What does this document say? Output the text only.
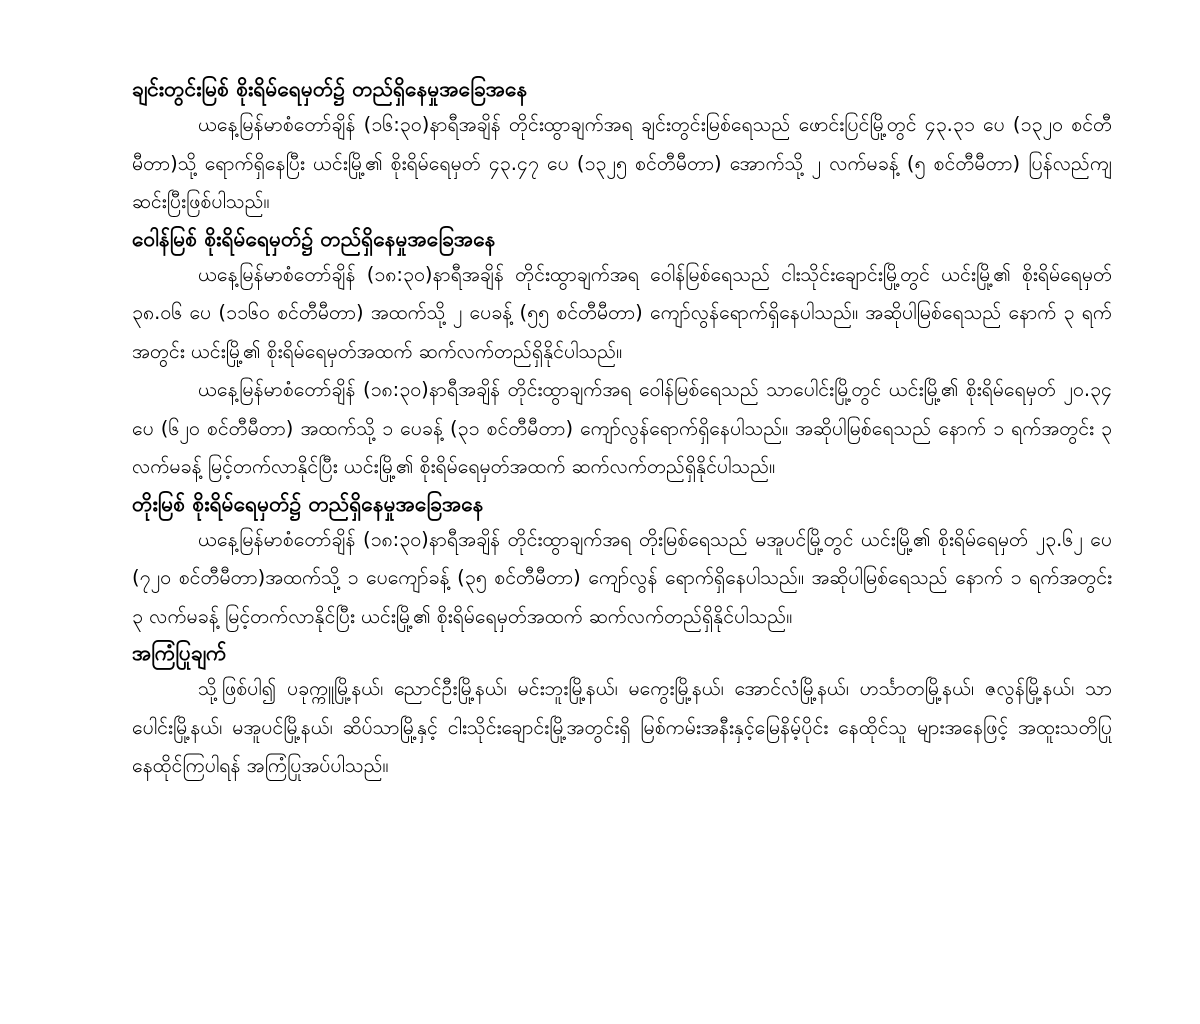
ချင်းတွင်းမြစ် စိုးရိမ်ရေမှတ်၌ တည်ရှိနေမှုအခြေအနေ

ယနေ့မြန်မာစံတော်ချိန် (၁၆:၃၀)နာရီအချိန် တိုင်းထွာချက်အရ ချင်းတွင်းမြစ်ရေသည် ဖောင်းပြင်မြို့တွင် ၄၃.၃၁ ပေ (၁၃၂၀ စင်တီမီတာ)သို့ ရောက်ရှိနေပြီး ယင်းမြို့၏ စိုးရိမ်ရေမှတ် ၄၃.၄၇ ပေ (၁၃၂၅ စင်တီမီတာ) အောက်သို့ ၂ လက်မခန့် (၅ စင်တီမီတာ) ပြန်လည်ကျဆင်းပြီးဖြစ်ပါသည်။

ဝေါန်မြစ် စိုးရိမ်ရေမှတ်၌ တည်ရှိနေမှုအခြေအနေ

ယနေ့မြန်မာစံတော်ချိန် (၁၈:၃၀)နာရီအချိန် တိုင်းထွာချက်အရ ဝေါန်မြစ်ရေသည် ငါးသိုင်းချောင်းမြို့တွင် ယင်းမြို့၏ စိုးရိမ်ရေမှတ် ၃၈.၀၆ ပေ (၁၁၆၀ စင်တီမီတာ) အထက်သို့ ၂ ပေခန့် (၅၅ စင်တီမီတာ) ကျော်လွန်ရောက်ရှိနေပါသည်။ အဆိုပါမြစ်ရေသည် နောက် ၃ ရက်အတွင်း ယင်းမြို့၏ စိုးရိမ်ရေမှတ်အထက် ဆက်လက်တည်ရှိနိုင်ပါသည်။

ယနေ့မြန်မာစံတော်ချိန် (၁၈:၃၀)နာရီအချိန် တိုင်းထွာချက်အရ ဝေါန်မြစ်ရေသည် သာပေါင်းမြို့တွင် ယင်းမြို့၏ စိုးရိမ်ရေမှတ် ၂၀.၃၄ ပေ (၆၂၀ စင်တီမီတာ) အထက်သို့ ၁ ပေခန့် (၃၁ စင်တီမီတာ) ကျော်လွန်ရောက်ရှိနေပါသည်။ အဆိုပါမြစ်ရေသည် နောက် ၁ ရက်အတွင်း ၃ လက်မခန့် မြင့်တက်လာနိုင်ပြီး ယင်းမြို့၏ စိုးရိမ်ရေမှတ်အထက် ဆက်လက်တည်ရှိနိုင်ပါသည်။

တိုးမြစ် စိုးရိမ်ရေမှတ်၌ တည်ရှိနေမှုအခြေအနေ

ယနေ့မြန်မာစံတော်ချိန် (၁၈:၃၀)နာရီအချိန် တိုင်းထွာချက်အရ တိုးမြစ်ရေသည် မအူပင်မြို့တွင် ယင်းမြို့၏ စိုးရိမ်ရေမှတ် ၂၃.၆၂ ပေ (၇၂၀ စင်တီမီတာ)အထက်သို့ ၁ ပေကျော်ခန့် (၃၅ စင်တီမီတာ) ကျော်လွန် ရောက်ရှိနေပါသည်။ အဆိုပါမြစ်ရေသည် နောက် ၁ ရက်အတွင်း ၃ လက်မခန့် မြင့်တက်လာနိုင်ပြီး ယင်းမြို့၏ စိုးရိမ်ရေမှတ်အထက် ဆက်လက်တည်ရှိနိုင်ပါသည်။

အကြံပြုချက်

သို့ဖြစ်ပါ၍ ပခုက္ကူမြို့နယ်၊ ညောင်ဦးမြို့နယ်၊ မင်းဘူးမြို့နယ်၊ မကွေးမြို့နယ်၊ အောင်လံမြို့နယ်၊ ဟင်္သာတမြို့နယ်၊ ဇလွန်မြို့နယ်၊ သာပေါင်းမြို့နယ်၊ မအူပင်မြို့နယ်၊ ဆိပ်သာမြို့နှင့် ငါးသိုင်းချောင်းမြို့အတွင်းရှိ မြစ်ကမ်းအနီးနှင့်မြေနိမ့်ပိုင်း နေထိုင်သူ များအနေဖြင့် အထူးသတိပြု နေထိုင်ကြပါရန် အကြံပြုအပ်ပါသည်။
